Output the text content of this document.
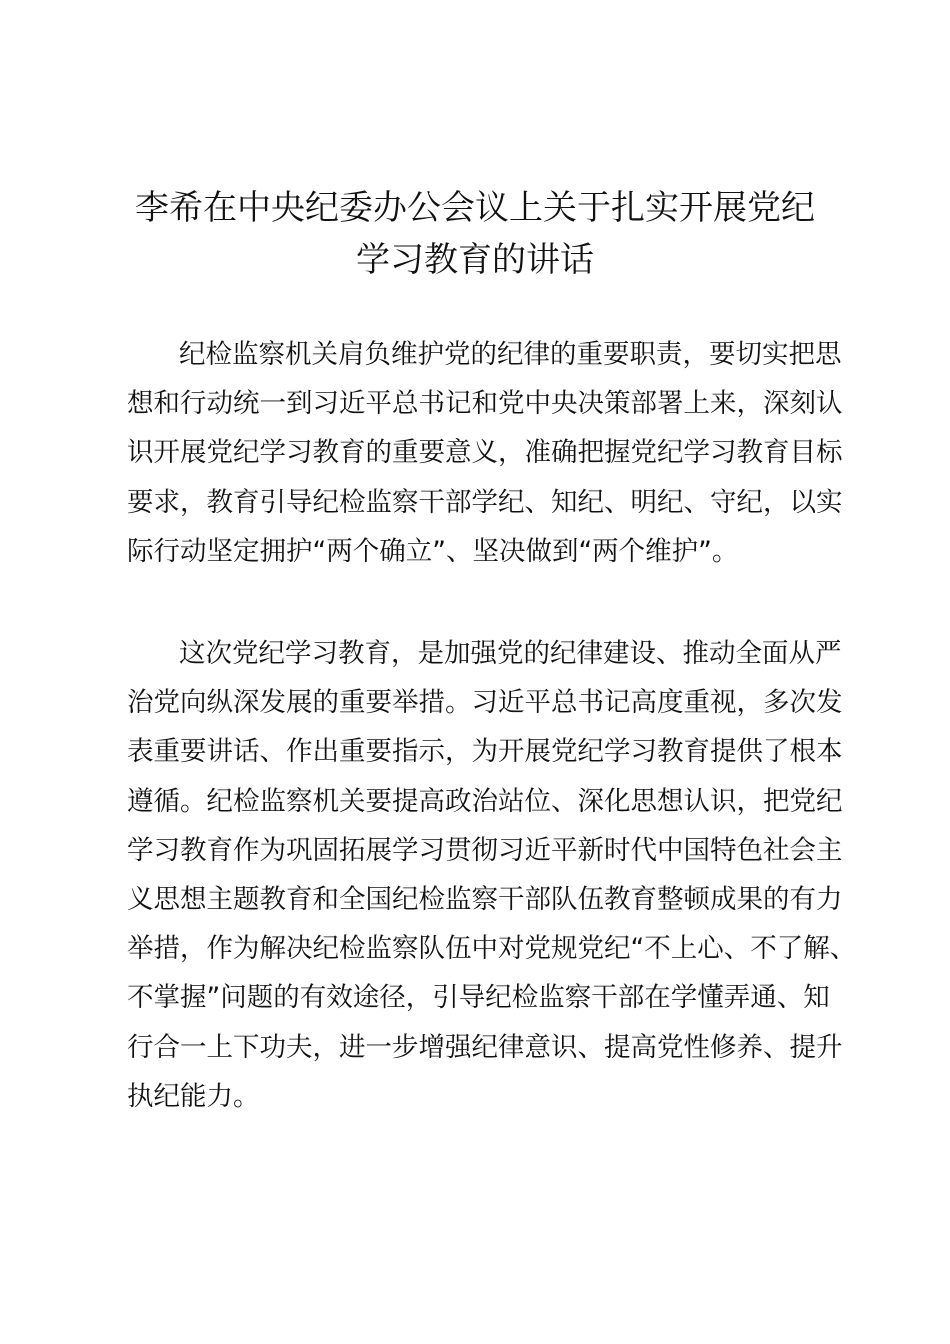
李希在中央纪委办公会议上关于扎实开展党纪
学习教育的讲话
纪检监察机关肩负维护党的纪律的重要职责，要切实把思
想和行动统一到习近平总书记和党中央决策部署上来，深刻认
识开展党纪学习教育的重要意义，准确把握党纪学习教育目标
要求，教育引导纪检监察干部学纪、知纪、明纪、守纪，以实
际行动坚定拥护“两个确立”、坚决做到“两个维护”。
这次党纪学习教育，是加强党的纪律建设、推动全面从严
治党向纵深发展的重要举措。习近平总书记高度重视，多次发
表重要讲话、作出重要指示，为开展党纪学习教育提供了根本
遵循。纪检监察机关要提高政治站位、深化思想认识，把党纪
学习教育作为巩固拓展学习贯彻习近平新时代中国特色社会主
义思想主题教育和全国纪检监察干部队伍教育整顿成果的有力
举措，作为解决纪检监察队伍中对党规党纪“不上心、不了解、
不掌握”问题的有效途径，引导纪检监察干部在学懂弄通、知
行合一上下功夫，进一步增强纪律意识、提高党性修养、提升
执纪能力。
